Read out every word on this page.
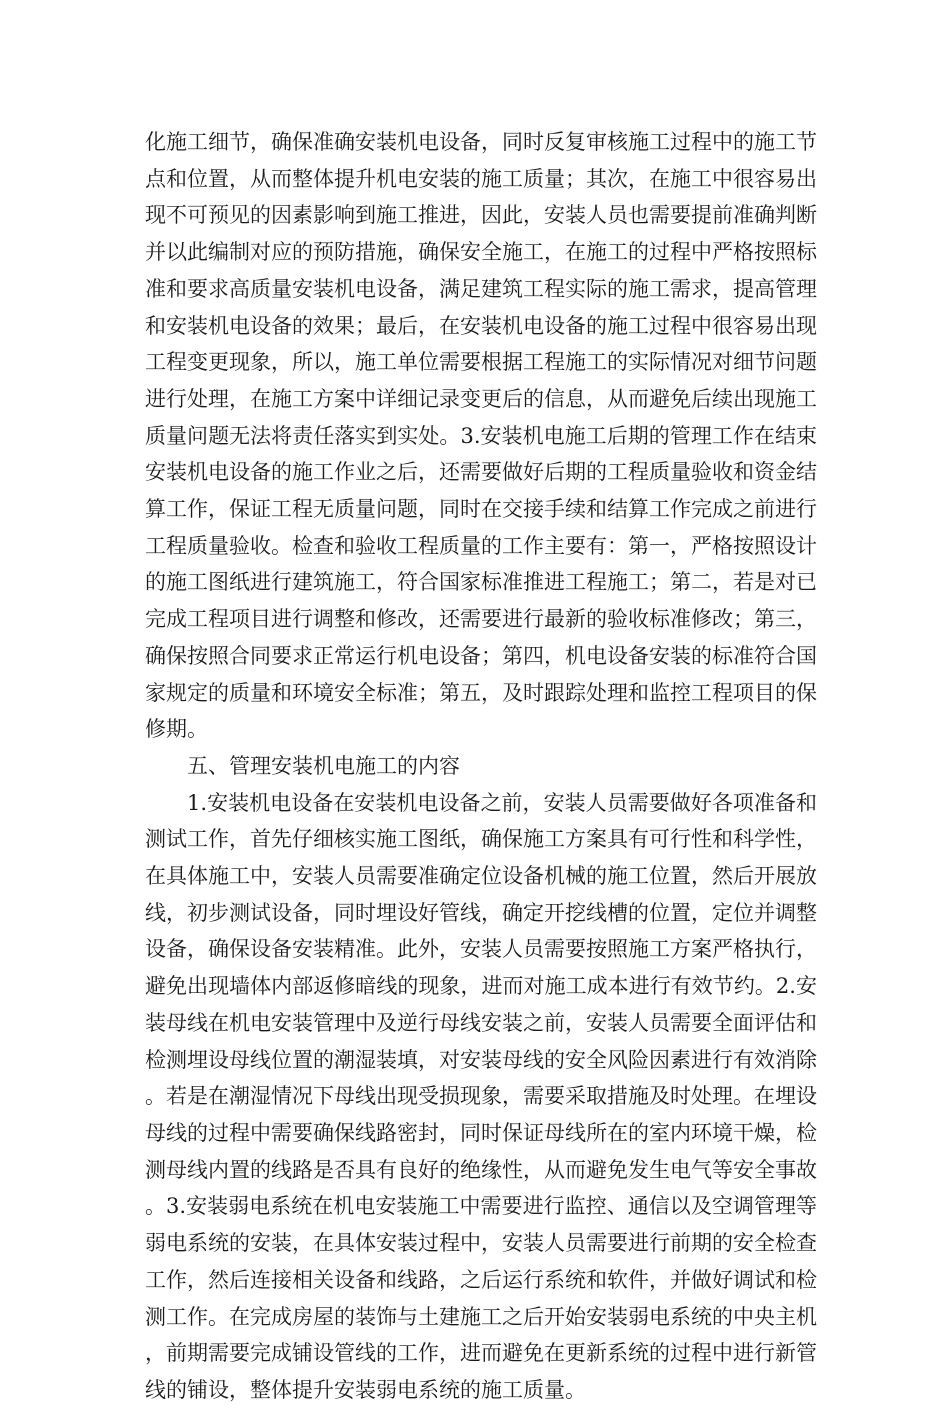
化施工细节，确保准确安装机电设备，同时反复审核施工过程中的施工节点和位置，从而整体提升机电安装的施工质量；其次，在施工中很容易出现不可预见的因素影响到施工推进，因此，安装人员也需要提前准确判断并以此编制对应的预防措施，确保安全施工，在施工的过程中严格按照标准和要求高质量安装机电设备，满足建筑工程实际的施工需求，提高管理和安装机电设备的效果；最后，在安装机电设备的施工过程中很容易出现工程变更现象，所以，施工单位需要根据工程施工的实际情况对细节问题进行处理，在施工方案中详细记录变更后的信息，从而避免后续出现施工质量问题无法将责任落实到实处。3.安装机电施工后期的管理工作在结束安装机电设备的施工作业之后，还需要做好后期的工程质量验收和资金结算工作，保证工程无质量问题，同时在交接手续和结算工作完成之前进行工程质量验收。检查和验收工程质量的工作主要有：第一，严格按照设计的施工图纸进行建筑施工，符合国家标准推进工程施工；第二，若是对已完成工程项目进行调整和修改，还需要进行最新的验收标准修改；第三，确保按照合同要求正常运行机电设备；第四，机电设备安装的标准符合国家规定的质量和环境安全标准；第五，及时跟踪处理和监控工程项目的保修期。

五、管理安装机电施工的内容

1.安装机电设备在安装机电设备之前，安装人员需要做好各项准备和测试工作，首先仔细核实施工图纸，确保施工方案具有可行性和科学性，在具体施工中，安装人员需要准确定位设备机械的施工位置，然后开展放线，初步测试设备，同时埋设好管线，确定开挖线槽的位置，定位并调整设备，确保设备安装精准。此外，安装人员需要按照施工方案严格执行，避免出现墙体内部返修暗线的现象，进而对施工成本进行有效节约。2.安装母线在机电安装管理中及逆行母线安装之前，安装人员需要全面评估和检测埋设母线位置的潮湿装填，对安装母线的安全风险因素进行有效消除。若是在潮湿情况下母线出现受损现象，需要采取措施及时处理。在埋设母线的过程中需要确保线路密封，同时保证母线所在的室内环境干燥，检测母线内置的线路是否具有良好的绝缘性，从而避免发生电气等安全事故。3.安装弱电系统在机电安装施工中需要进行监控、通信以及空调管理等弱电系统的安装，在具体安装过程中，安装人员需要进行前期的安全检查工作，然后连接相关设备和线路，之后运行系统和软件，并做好调试和检测工作。在完成房屋的装饰与土建施工之后开始安装弱电系统的中央主机，前期需要完成铺设管线的工作，进而避免在更新系统的过程中进行新管线的铺设，整体提升安装弱电系统的施工质量。
